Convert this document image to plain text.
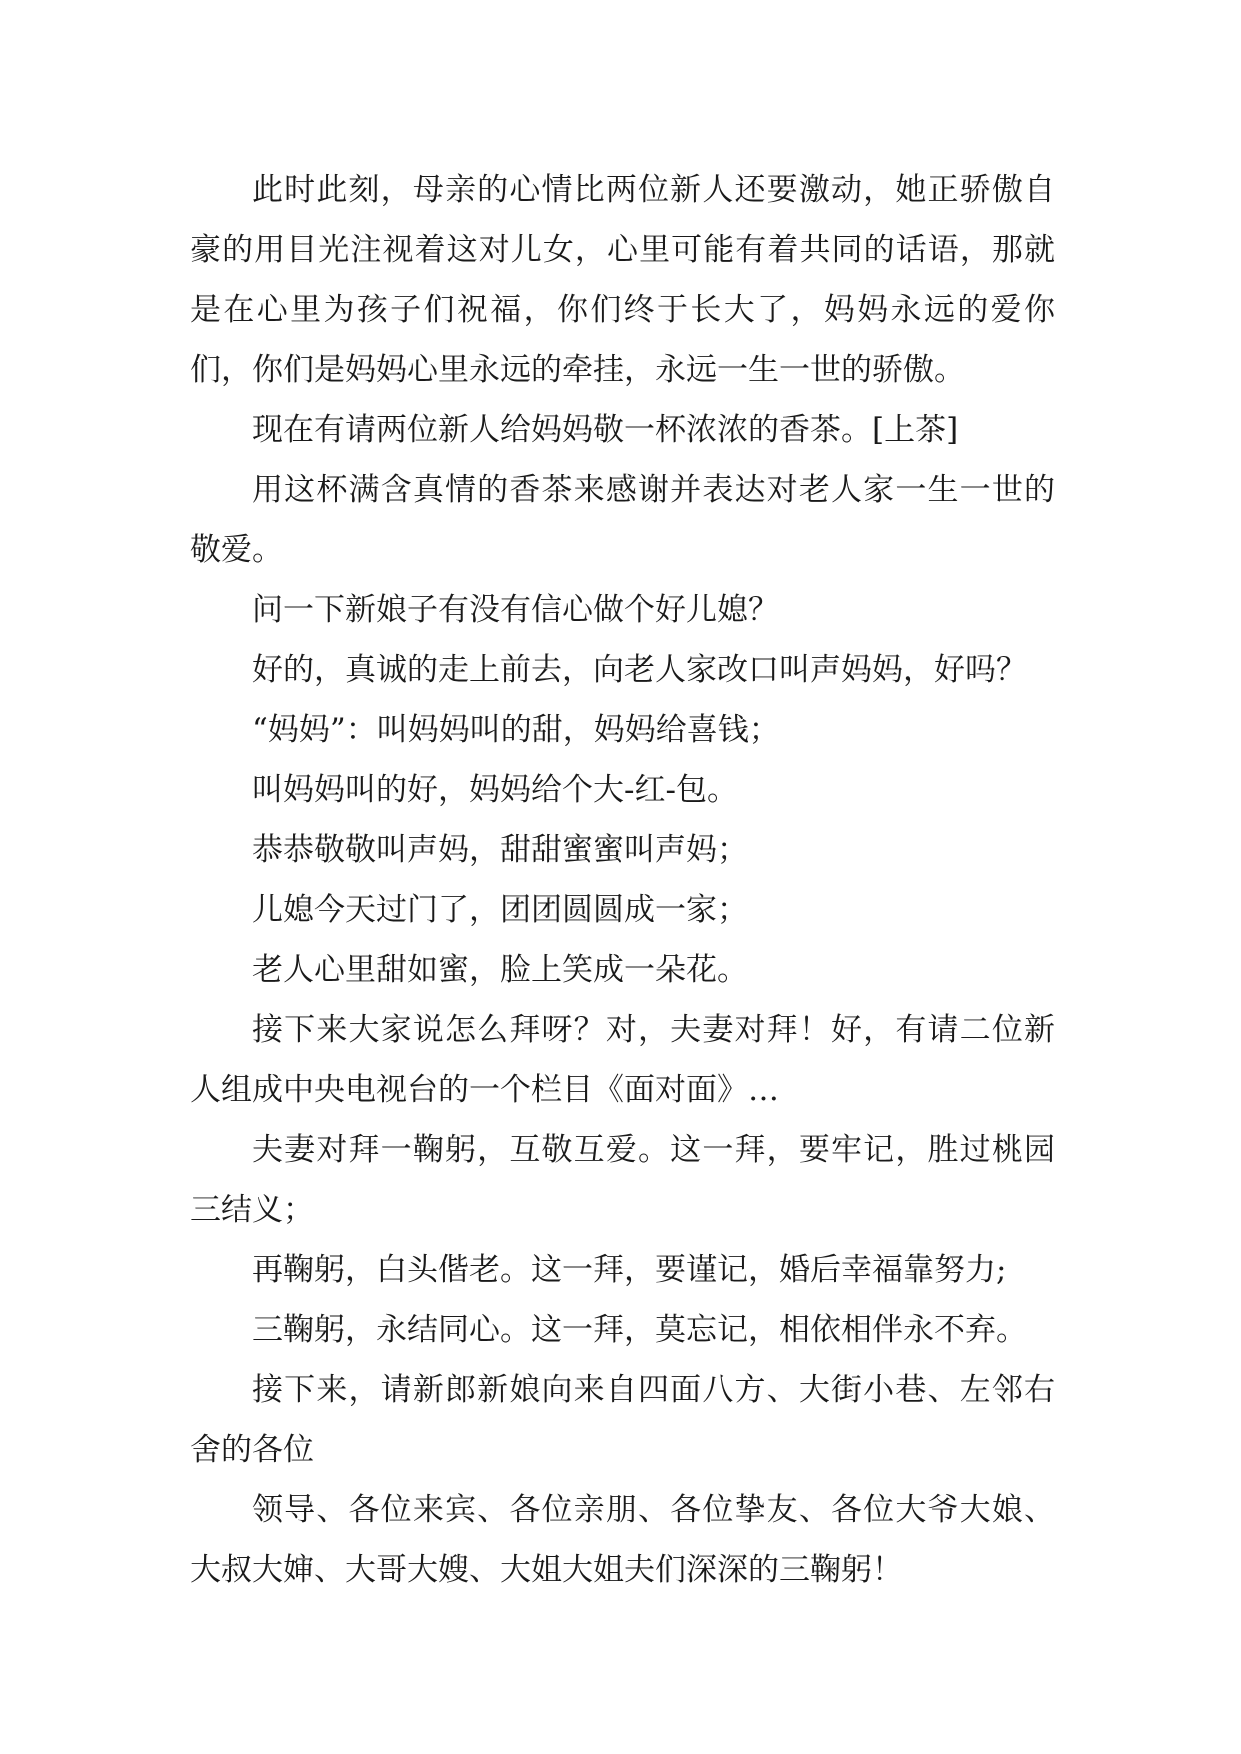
此时此刻，母亲的心情比两位新人还要激动，她正骄傲自豪的用目光注视着这对儿女，心里可能有着共同的话语，那就是在心里为孩子们祝福，你们终于长大了，妈妈永远的爱你们，你们是妈妈心里永远的牵挂，永远一生一世的骄傲。

现在有请两位新人给妈妈敬一杯浓浓的香茶。[上茶]

用这杯满含真情的香茶来感谢并表达对老人家一生一世的敬爱。

问一下新娘子有没有信心做个好儿媳？

好的，真诚的走上前去，向老人家改口叫声妈妈，好吗？

“妈妈”：叫妈妈叫的甜，妈妈给喜钱；

叫妈妈叫的好，妈妈给个大-红-包。

恭恭敬敬叫声妈，甜甜蜜蜜叫声妈；

儿媳今天过门了，团团圆圆成一家；

老人心里甜如蜜，脸上笑成一朵花。

接下来大家说怎么拜呀？对，夫妻对拜！好，有请二位新人组成中央电视台的一个栏目《面对面》…

夫妻对拜一鞠躬，互敬互爱。这一拜，要牢记，胜过桃园三结义；

再鞠躬，白头偕老。这一拜，要谨记，婚后幸福靠努力;

三鞠躬，永结同心。这一拜，莫忘记，相依相伴永不弃。

接下来，请新郎新娘向来自四面八方、大街小巷、左邻右舍的各位

领导、各位来宾、各位亲朋、各位挚友、各位大爷大娘、大叔大婶、大哥大嫂、大姐大姐夫们深深的三鞠躬！
